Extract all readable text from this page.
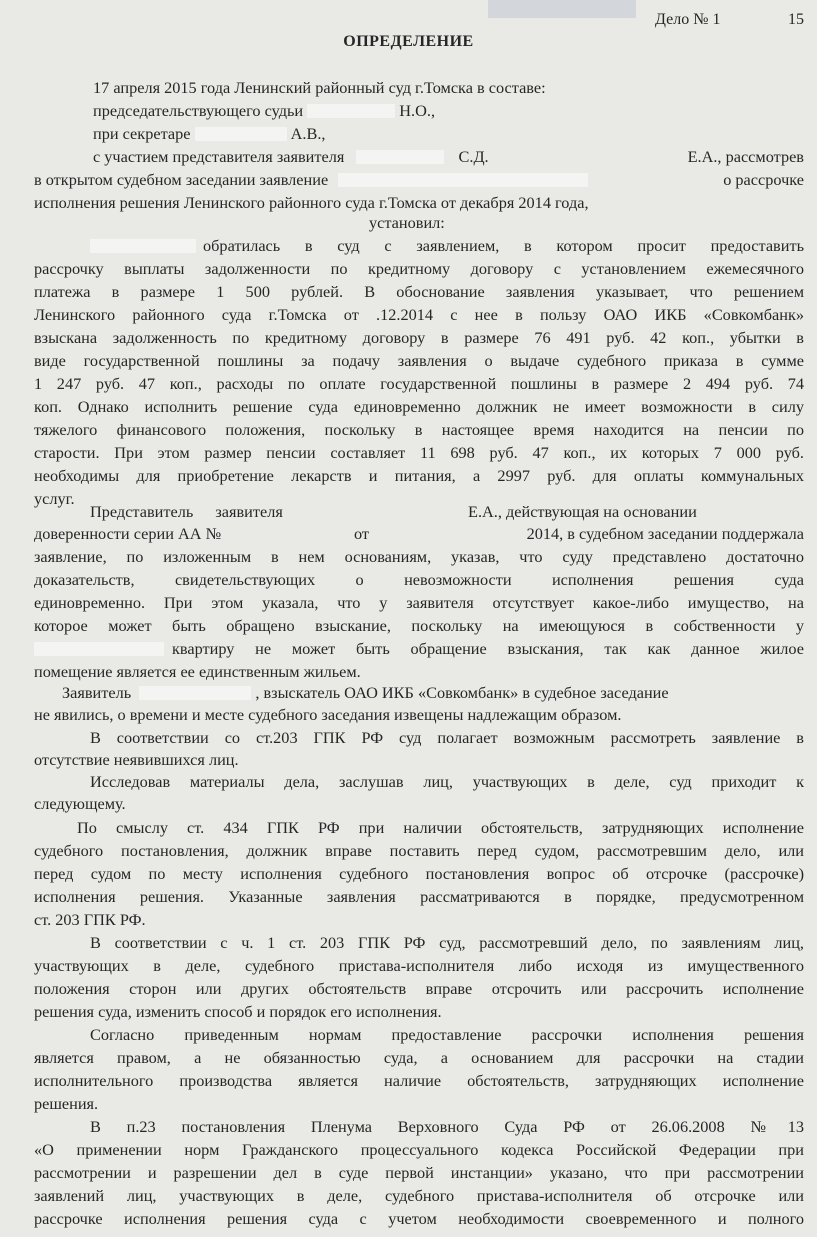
Дело № 1	15
ОПРЕДЕЛЕНИЕ
17 апреля 2015 года Ленинский районный суд г.Томска в составе:
председательствующего судьи	Н.О.,
при секретаре	А.В.,
с участием представителя заявителя	С.Д.	Е.А., рассмотрев
в открытом судебном заседании заявление	о рассрочке
исполнения решения Ленинского районного суда г.Томска от декабря 2014 года,
установил:
обратилась в суд с заявлением, в котором просит предоставить
рассрочку выплаты задолженности по кредитному договору с установлением ежемесячного
платежа в размере 1 500 рублей. В обоснование заявления указывает, что решением
Ленинского районного суда г.Томска от .12.2014 с нее в пользу ОАО ИКБ «Совкомбанк»
взыскана задолженность по кредитному договору в размере 76 491 руб. 42 коп., убытки в
виде государственной пошлины за подачу заявления о выдаче судебного приказа в сумме
1 247 руб. 47 коп., расходы по оплате государственной пошлины в размере 2 494 руб. 74
коп. Однако исполнить решение суда единовременно должник не имеет возможности в силу
тяжелого финансового положения, поскольку в настоящее время находится на пенсии по
старости. При этом размер пенсии составляет 11 698 руб. 47 коп., их которых 7 000 руб.
необходимы для приобретение лекарств и питания, а 2997 руб. для оплаты коммунальных
услуг.
Представитель заявителя	Е.А., действующая на основании
доверенности серии АА №	от	2014, в судебном заседании поддержала
заявление, по изложенным в нем основаниям, указав, что суду представлено достаточно
доказательств, свидетельствующих о невозможности исполнения решения суда
единовременно. При этом указала, что у заявителя отсутствует какое-либо имущество, на
которое может быть обращено взыскание, поскольку на имеющуюся в собственности у
квартиру не может быть обращение взыскания, так как данное жилое
помещение является ее единственным жильем.
Заявитель	, взыскатель ОАО ИКБ «Совкомбанк» в судебное заседание
не явились, о времени и месте судебного заседания извещены надлежащим образом.
В соответствии со ст.203 ГПК РФ суд полагает возможным рассмотреть заявление в
отсутствие неявившихся лиц.
Исследовав материалы дела, заслушав лиц, участвующих в деле, суд приходит к
следующему.
По смыслу ст. 434 ГПК РФ при наличии обстоятельств, затрудняющих исполнение
судебного постановления, должник вправе поставить перед судом, рассмотревшим дело, или
перед судом по месту исполнения судебного постановления вопрос об отсрочке (рассрочке)
исполнения решения. Указанные заявления рассматриваются в порядке, предусмотренном
ст. 203 ГПК РФ.
В соответствии с ч. 1 ст. 203 ГПК РФ суд, рассмотревший дело, по заявлениям лиц,
участвующих в деле, судебного пристава-исполнителя либо исходя из имущественного
положения сторон или других обстоятельств вправе отсрочить или рассрочить исполнение
решения суда, изменить способ и порядок его исполнения.
Согласно приведенным нормам предоставление рассрочки исполнения решения
является правом, а не обязанностью суда, а основанием для рассрочки на стадии
исполнительного производства является наличие обстоятельств, затрудняющих исполнение
решения.
В п.23 постановления Пленума Верховного Суда РФ от 26.06.2008 №13
«О применении норм Гражданского процессуального кодекса Российской Федерации при
рассмотрении и разрешении дел в суде первой инстанции» указано, что при рассмотрении
заявлений лиц, участвующих в деле, судебного пристава-исполнителя об отсрочке или
рассрочке исполнения решения суда с учетом необходимости своевременного и полного
